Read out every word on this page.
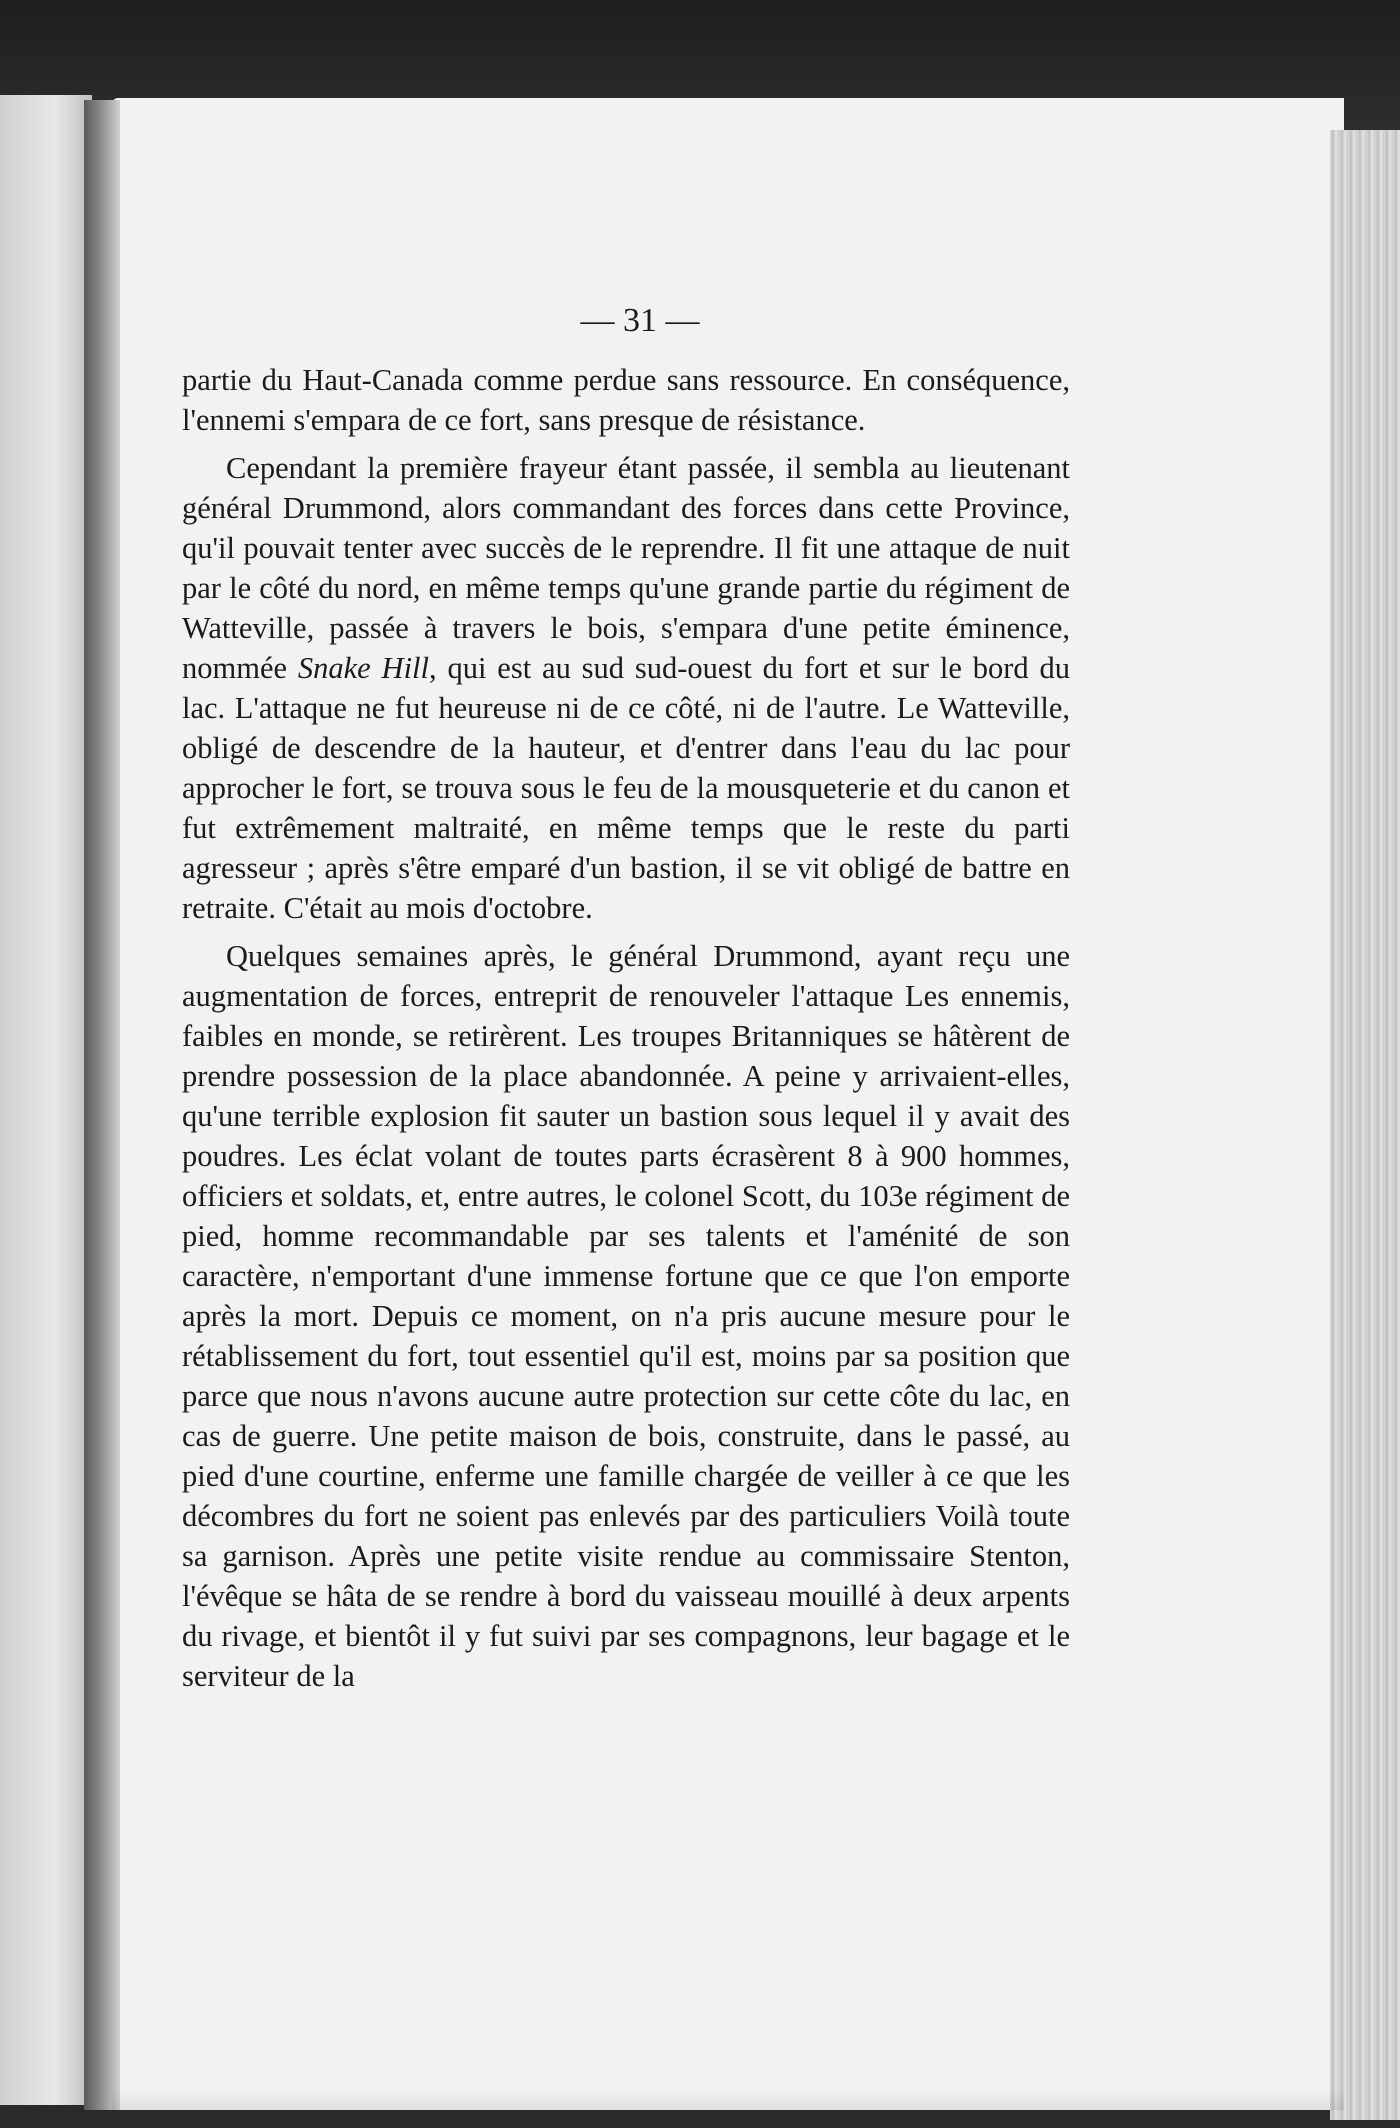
— 31 —

partie du Haut-Canada comme perdue sans ressource. En conséquence, l'ennemi s'empara de ce fort, sans presque de résistance.

Cependant la première frayeur étant passée, il sembla au lieutenant général Drummond, alors commandant des forces dans cette Province, qu'il pouvait tenter avec succès de le reprendre. Il fit une attaque de nuit par le côté du nord, en même temps qu'une grande partie du régiment de Watteville, passée à travers le bois, s'empara d'une petite éminence, nommée Snake Hill, qui est au sud sud-ouest du fort et sur le bord du lac. L'attaque ne fut heureuse ni de ce côté, ni de l'autre. Le Watteville, obligé de descendre de la hauteur, et d'entrer dans l'eau du lac pour approcher le fort, se trouva sous le feu de la mousqueterie et du canon et fut extrêmement maltraité, en même temps que le reste du parti agresseur ; après s'être emparé d'un bastion, il se vit obligé de battre en retraite. C'était au mois d'octobre.

Quelques semaines après, le général Drummond, ayant reçu une augmentation de forces, entreprit de renouveler l'attaque Les ennemis, faibles en monde, se retirèrent. Les troupes Britanniques se hâtèrent de prendre possession de la place abandonnée. A peine y arrivaient-elles, qu'une terrible explosion fit sauter un bastion sous lequel il y avait des poudres. Les éclat volant de toutes parts écrasèrent 8 à 900 hommes, officiers et soldats, et, entre autres, le colonel Scott, du 103e régiment de pied, homme recommandable par ses talents et l'aménité de son caractère, n'emportant d'une immense fortune que ce que l'on emporte après la mort. Depuis ce moment, on n'a pris aucune mesure pour le rétablissement du fort, tout essentiel qu'il est, moins par sa position que parce que nous n'avons aucune autre protection sur cette côte du lac, en cas de guerre. Une petite maison de bois, construite, dans le passé, au pied d'une courtine, enferme une famille chargée de veiller à ce que les décombres du fort ne soient pas enlevés par des particuliers Voilà toute sa garnison. Après une petite visite rendue au commissaire Stenton, l'évêque se hâta de se rendre à bord du vaisseau mouillé à deux arpents du rivage, et bientôt il y fut suivi par ses compagnons, leur bagage et le serviteur de la
